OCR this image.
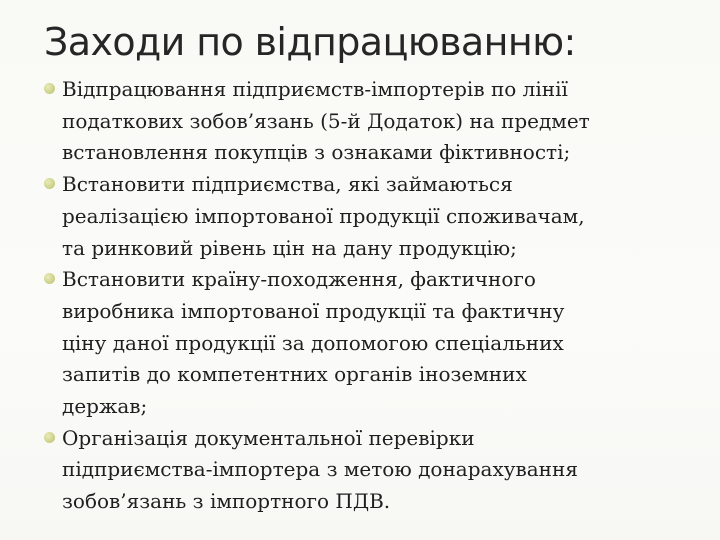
Заходи по відпрацюванню:
Відпрацювання підприємств-імпортерів по лінії
податкових зобов’язань (5-й Додаток) на предмет
встановлення покупців з ознаками фіктивності;
Встановити підприємства, які займаються
реалізацією імпортованої продукції споживачам,
та ринковий рівень цін на дану продукцію;
Встановити країну-походження, фактичного
виробника імпортованої продукції та фактичну
ціну даної продукції за допомогою спеціальних
запитів до компетентних органів іноземних
держав;
Організація документальної перевірки
підприємства-імпортера з метою донарахування
зобов’язань з імпортного ПДВ.
